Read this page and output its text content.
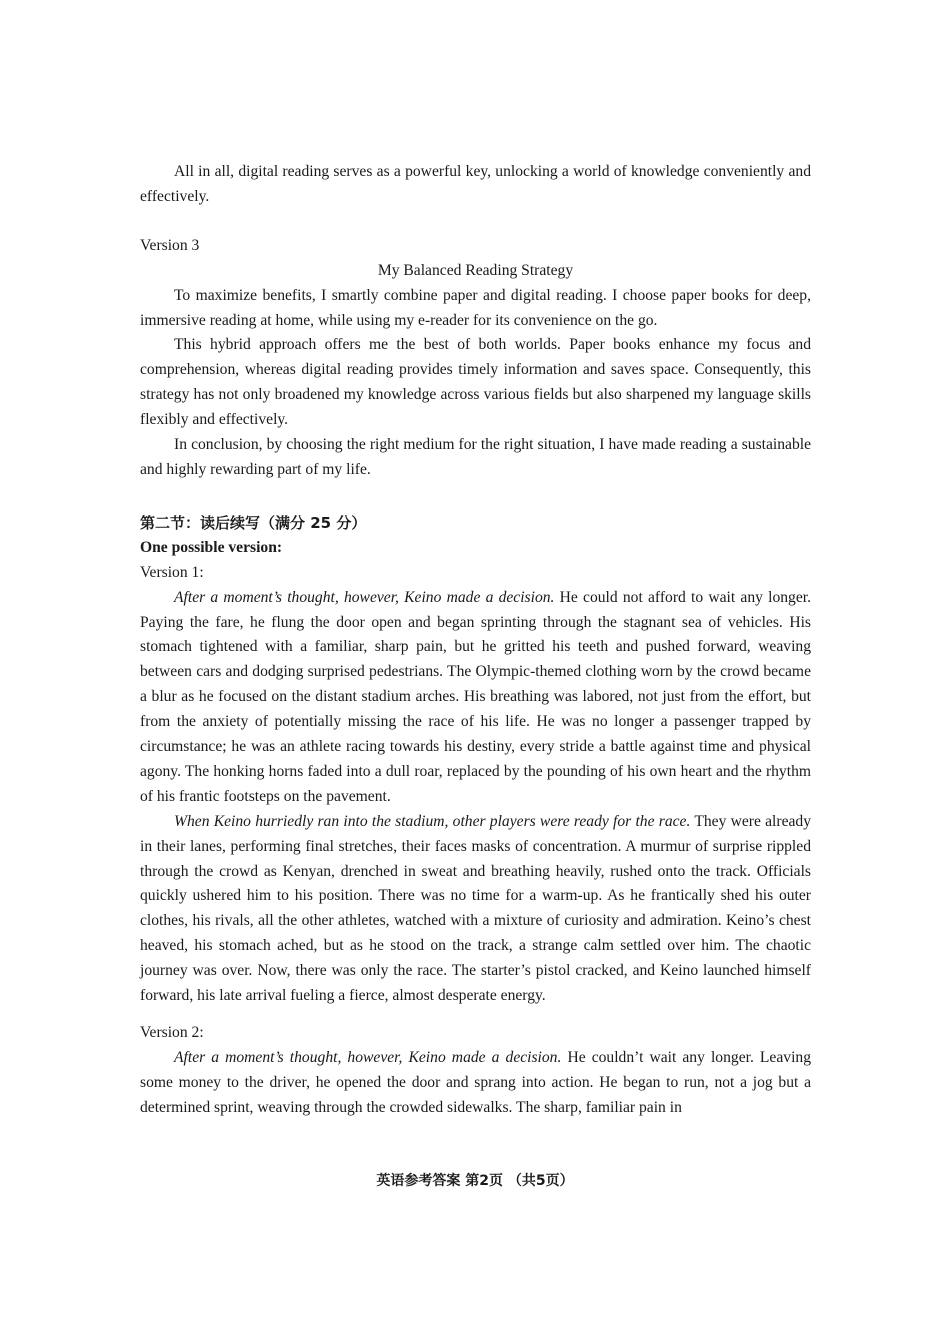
All in all, digital reading serves as a powerful key, unlocking a world of knowledge conveniently and effectively.

Version 3

My Balanced Reading Strategy

To maximize benefits, I smartly combine paper and digital reading. I choose paper books for deep, immersive reading at home, while using my e-reader for its convenience on the go.

This hybrid approach offers me the best of both worlds. Paper books enhance my focus and comprehension, whereas digital reading provides timely information and saves space. Consequently, this strategy has not only broadened my knowledge across various fields but also sharpened my language skills flexibly and effectively.

In conclusion, by choosing the right medium for the right situation, I have made reading a sustainable and highly rewarding part of my life.

第二节：读后续写（满分 25 分）

One possible version:

Version 1:

After a moment’s thought, however, Keino made a decision. He could not afford to wait any longer. Paying the fare, he flung the door open and began sprinting through the stagnant sea of vehicles. His stomach tightened with a familiar, sharp pain, but he gritted his teeth and pushed forward, weaving between cars and dodging surprised pedestrians. The Olympic-themed clothing worn by the crowd became a blur as he focused on the distant stadium arches. His breathing was labored, not just from the effort, but from the anxiety of potentially missing the race of his life. He was no longer a passenger trapped by circumstance; he was an athlete racing towards his destiny, every stride a battle against time and physical agony. The honking horns faded into a dull roar, replaced by the pounding of his own heart and the rhythm of his frantic footsteps on the pavement.

When Keino hurriedly ran into the stadium, other players were ready for the race. They were already in their lanes, performing final stretches, their faces masks of concentration. A murmur of surprise rippled through the crowd as Kenyan, drenched in sweat and breathing heavily, rushed onto the track. Officials quickly ushered him to his position. There was no time for a warm-up. As he frantically shed his outer clothes, his rivals, all the other athletes, watched with a mixture of curiosity and admiration. Keino’s chest heaved, his stomach ached, but as he stood on the track, a strange calm settled over him. The chaotic journey was over. Now, there was only the race. The starter’s pistol cracked, and Keino launched himself forward, his late arrival fueling a fierce, almost desperate energy.

Version 2:

After a moment’s thought, however, Keino made a decision. He couldn’t wait any longer. Leaving some money to the driver, he opened the door and sprang into action. He began to run, not a jog but a determined sprint, weaving through the crowded sidewalks. The sharp, familiar pain in

英语参考答案 第2页 （共5页）
